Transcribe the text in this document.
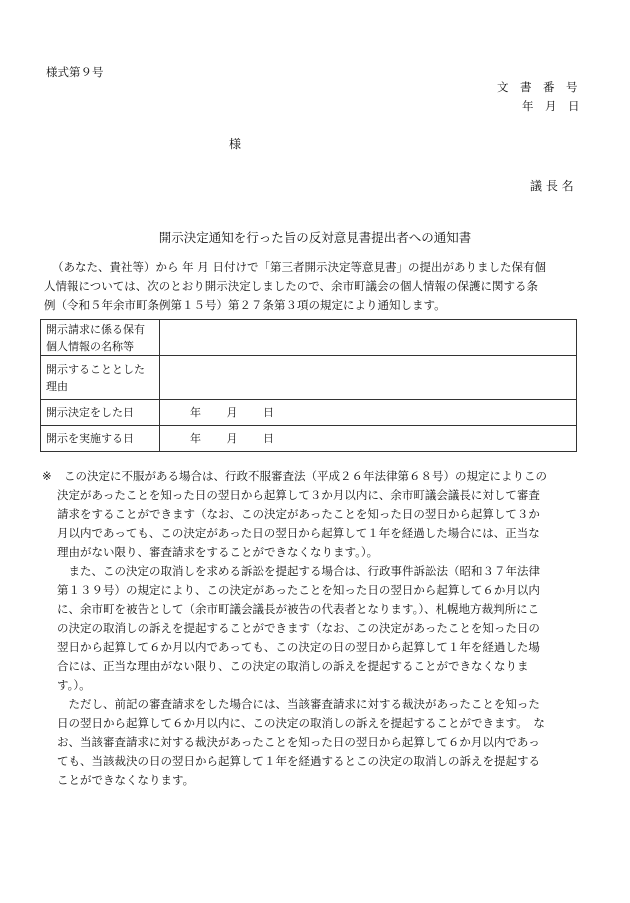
様式第９号
文　書　番　号
年　月　日
様
議 長 名
開示決定通知を行った旨の反対意見書提出者への通知書
（あなた、貴社等）から 年 月 日付けで「第三者開示決定等意見書」の提出がありました保有個
人情報については、次のとおり開示決定しましたので、余市町議会の個人情報の保護に関する条
例（令和５年余市町条例第１５号）第２７条第３項の規定により通知します。
開示請求に係る保有
個人情報の名称等	

開示することとした
理由	

開示決定をした日	年 月 日
開示を実施する日	年 月 日
※ この決定に不服がある場合は、行政不服審査法（平成２６年法律第６８号）の規定によりこの
決定があったことを知った日の翌日から起算して３か月以内に、余市町議会議長に対して審査
請求をすることができます（なお、この決定があったことを知った日の翌日から起算して３か
月以内であっても、この決定があった日の翌日から起算して１年を経過した場合には、正当な
理由がない限り、審査請求をすることができなくなります。）。
　また、この決定の取消しを求める訴訟を提起する場合は、行政事件訴訟法（昭和３７年法律
第１３９号）の規定により、この決定があったことを知った日の翌日から起算して６か月以内
に、余市町を被告として（余市町議会議長が被告の代表者となります。）、札幌地方裁判所にこ
の決定の取消しの訴えを提起することができます（なお、この決定があったことを知った日の
翌日から起算して６か月以内であっても、この決定の日の翌日から起算して１年を経過した場
合には、正当な理由がない限り、この決定の取消しの訴えを提起することができなくなりま
す。）。
　ただし、前記の審査請求をした場合には、当該審査請求に対する裁決があったことを知った
日の翌日から起算して６か月以内に、この決定の取消しの訴えを提起することができます。　な
お、当該審査請求に対する裁決があったことを知った日の翌日から起算して６か月以内であっ
ても、当該裁決の日の翌日から起算して１年を経過するとこの決定の取消しの訴えを提起する
ことができなくなります。
